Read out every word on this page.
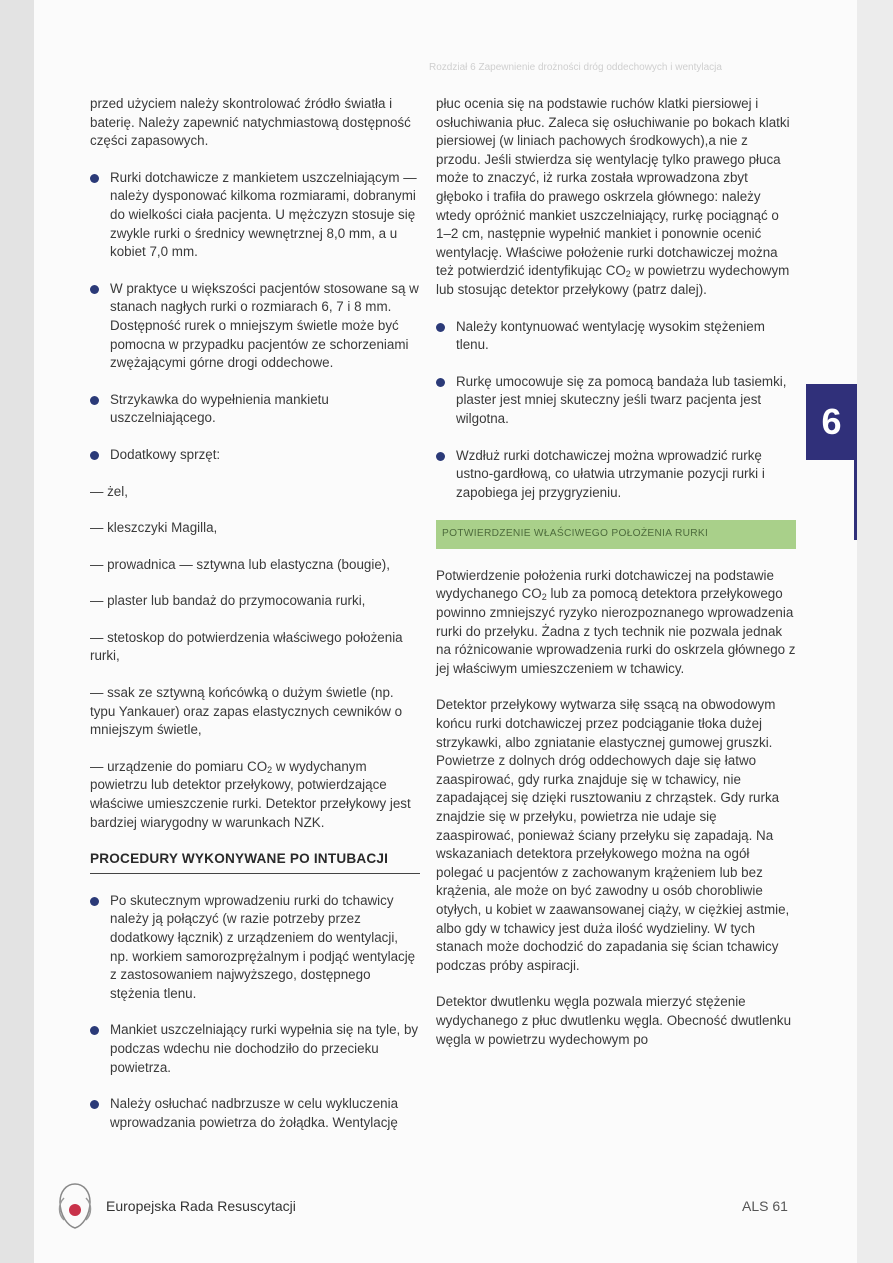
Rozdział 6 Zapewnienie drożności dróg oddechowych i wentylacja

przed użyciem należy skontrolować źródło światła i baterię. Należy zapewnić natychmiastową dostępność części zapasowych.

Rurki dotchawicze z mankietem uszczelniającym — należy dysponować kilkoma rozmiarami, dobranymi do wielkości ciała pacjenta. U mężczyzn stosuje się zwykle rurki o średnicy wewnętrznej 8,0 mm, a u kobiet 7,0 mm.

W praktyce u większości pacjentów stosowane są w stanach nagłych rurki o rozmiarach 6, 7 i 8 mm. Dostępność rurek o mniejszym świetle może być pomocna w przypadku pacjentów ze schorzeniami zwężającymi górne drogi oddechowe.

Strzykawka do wypełnienia mankietu uszczelniającego.

Dodatkowy sprzęt:

— żel,

— kleszczyki Magilla,

— prowadnica — sztywna lub elastyczna (bougie),

— plaster lub bandaż do przymocowania rurki,

— stetoskop do potwierdzenia właściwego położenia rurki,

— ssak ze sztywną końcówką o dużym świetle (np. typu Yankauer) oraz zapas elastycznych cewników o mniejszym świetle,

— urządzenie do pomiaru $CO_2$ w wydychanym powietrzu lub detektor przełykowy, potwierdzające właściwe umieszczenie rurki. Detektor przełykowy jest bardziej wiarygodny w warunkach NZK.

PROCEDURY WYKONYWANE PO INTUBACJI

Po skutecznym wprowadzeniu rurki do tchawicy należy ją połączyć (w razie potrzeby przez dodatkowy łącznik) z urządzeniem do wentylacji, np. workiem samorozprężalnym i podjąć wentylację z zastosowaniem najwyższego, dostępnego stężenia tlenu.

Mankiet uszczelniający rurki wypełnia się na tyle, by podczas wdechu nie dochodziło do przecieku powietrza.

Należy osłuchać nadbrzusze w celu wykluczenia wprowadzania powietrza do żołądka. Wentylację

płuc ocenia się na podstawie ruchów klatki piersiowej i osłuchiwania płuc. Zaleca się osłuchiwanie po bokach klatki piersiowej (w liniach pachowych środkowych),a nie z przodu. Jeśli stwierdza się wentylację tylko prawego płuca może to znaczyć, iż rurka została wprowadzona zbyt głęboko i trafiła do prawego oskrzela głównego: należy wtedy opróżnić mankiet uszczelniający, rurkę pociągnąć o 1–2 cm, następnie wypełnić mankiet i ponownie ocenić wentylację. Właściwe położenie rurki dotchawiczej można też potwierdzić identyfikując $CO_2$ w powietrzu wydechowym lub stosując detektor przełykowy (patrz dalej).

Należy kontynuować wentylację wysokim stężeniem tlenu.

Rurkę umocowuje się za pomocą bandaża lub tasiemki, plaster jest mniej skuteczny jeśli twarz pacjenta jest wilgotna.

Wzdłuż rurki dotchawiczej można wprowadzić rurkę ustno-gardłową, co ułatwia utrzymanie pozycji rurki i zapobiega jej przygryzieniu.

POTWIERDZENIE WŁAŚCIWEGO POŁOŻENIA RURKI

Potwierdzenie położenia rurki dotchawiczej na podstawie wydychanego $CO_2$ lub za pomocą detektora przełykowego powinno zmniejszyć ryzyko nierozpoznanego wprowadzenia rurki do przełyku. Żadna z tych technik nie pozwala jednak na różnicowanie wprowadzenia rurki do oskrzela głównego z jej właściwym umieszczeniem w tchawicy.

Detektor przełykowy wytwarza siłę ssącą na obwodowym końcu rurki dotchawiczej przez podciąganie tłoka dużej strzykawki, albo zgniatanie elastycznej gumowej gruszki. Powietrze z dolnych dróg oddechowych daje się łatwo zaaspirować, gdy rurka znajduje się w tchawicy, nie zapadającej się dzięki rusztowaniu z chrząstek. Gdy rurka znajdzie się w przełyku, powietrza nie udaje się zaaspirować, ponieważ ściany przełyku się zapadają. Na wskazaniach detektora przełykowego można na ogół polegać u pacjentów z zachowanym krążeniem lub bez krążenia, ale może on być zawodny u osób chorobliwie otyłych, u kobiet w zaawansowanej ciąży, w ciężkiej astmie, albo gdy w tchawicy jest duża ilość wydzieliny. W tych stanach może dochodzić do zapadania się ścian tchawicy podczas próby aspiracji.

Detektor dwutlenku węgla pozwala mierzyć stężenie wydychanego z płuc dwutlenku węgla. Obecność dwutlenku węgla w powietrzu wydechowym po

6
Europejska Rada Resuscytacji	ALS 61
